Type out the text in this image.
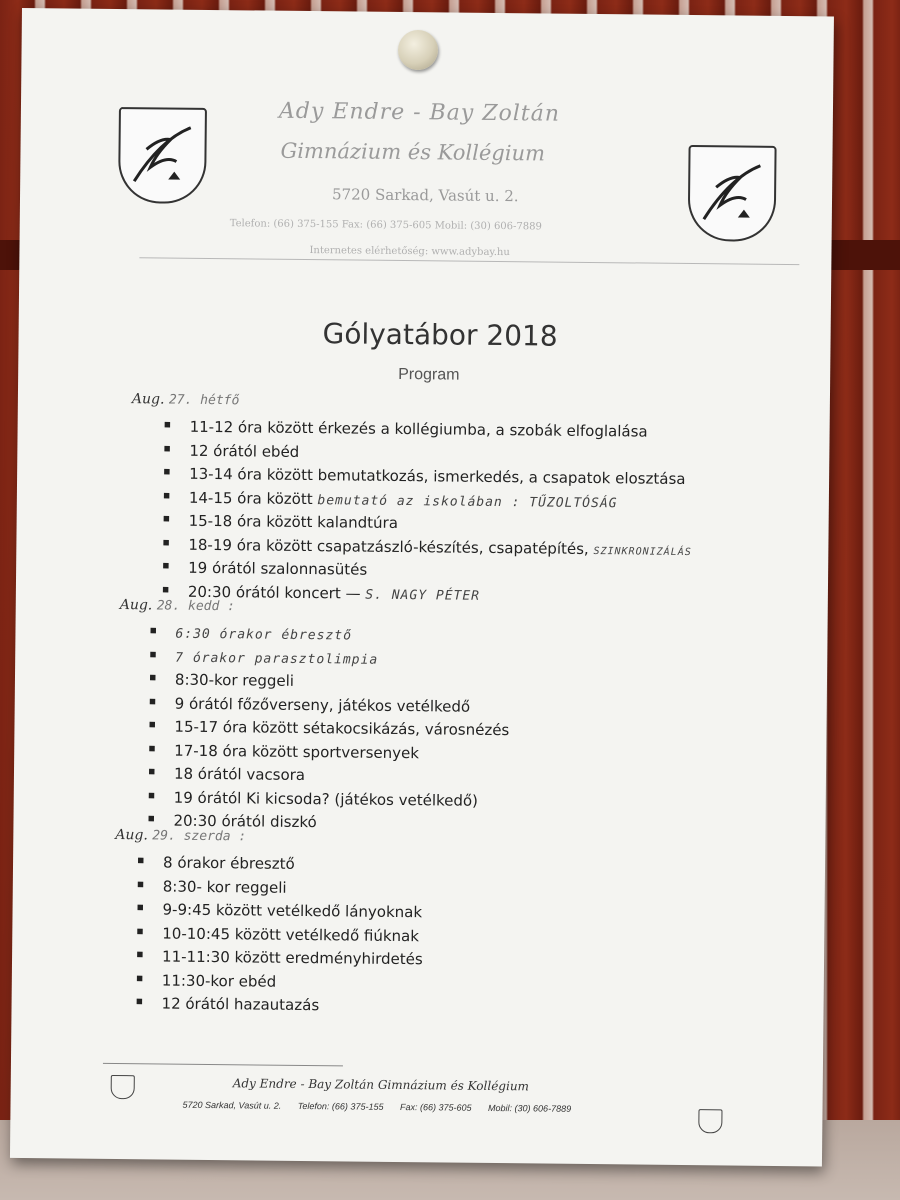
Ady Endre - Bay Zoltán
Gimnázium és Kollégium
5720 Sarkad, Vasút u. 2.
Telefon: (66) 375-155 Fax: (66) 375-605 Mobil: (30) 606-7889
Internetes elérhetőség: www.adybay.hu
Gólyatábor 2018
Program
Aug. 27. hétfő
▪ 11-12 óra között érkezés a kollégiumba, a szobák elfoglalása
▪ 12 órától ebéd
▪ 13-14 óra között bemutatkozás, ismerkedés, a csapatok elosztása
▪ 14-15 óra között bemutató az iskolában : TŰZOLTÓSÁG
▪ 15-18 óra között kalandtúra
▪ 18-19 óra között csapatzászló-készítés, csapatépítés, SZINKRONIZÁLÁS
▪ 19 órától szalonnasütés
▪ 20:30 órától koncert — S. NAGY PÉTER
Aug. 28. kedd :
▪ 6:30 órakor ébresztő
▪ 7 órakor parasztolimpia
▪ 8:30-kor reggeli
▪ 9 órától főzőverseny, játékos vetélkedő
▪ 15-17 óra között sétakocsikázás, városnézés
▪ 17-18 óra között sportversenyek
▪ 18 órától vacsora
▪ 19 órától Ki kicsoda? (játékos vetélkedő)
▪ 20:30 órától diszkó
Aug. 29. szerda :
▪ 8 órakor ébresztő
▪ 8:30- kor reggeli
▪ 9-9:45 között vetélkedő lányoknak
▪ 10-10:45 között vetélkedő fiúknak
▪ 11-11:30 között eredményhirdetés
▪ 11:30-kor ebéd
▪ 12 órától hazautazás
Ady Endre - Bay Zoltán Gimnázium és Kollégium
5720 Sarkad, Vasút u. 2. Telefon: (66) 375-155 Fax: (66) 375-605 Mobil: (30) 606-7889
